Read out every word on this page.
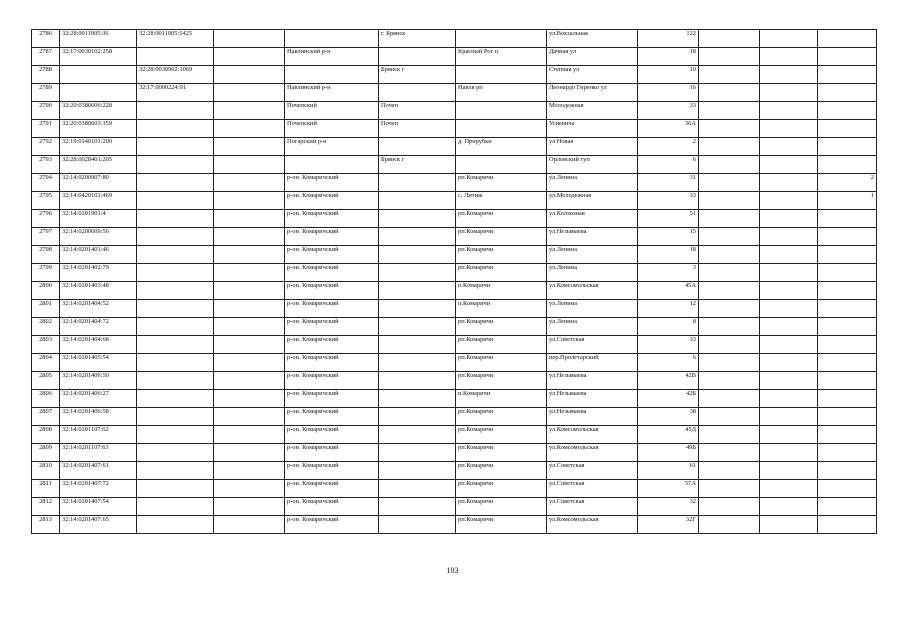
2786	32:28:0011005:36	32:28:0011005:1425			г. Брянск		ул.Вокзальная	122			
2787	32:17:0030102:258			Навлинский р-н		Красный Рог п	Дачная ул	18			
2788		32:28:0030902:1069			Брянск г		Степная ул	10			
2789		32:17:0000224:91		Навлинский р-н		Навля рп	Леонардо Гиренко ул	16			
2790	32:20:0380606:228			Почепский	Почеп		Молодежная	33			
2791	32:20:0380603:159			Почепский	Почеп		Усиевича	36А			
2792	32:19:0140101:200			Погарский р-н		д. Прирубки	ул Новая	2			
2793	32:28:0028401:205				Брянск г		Орловский туп	6			
2794	32:14:0200907:80			р-он. Комаричский		рп.Комаричи	ул.Ленина	31			2
2795	32:14:0420101:469			р-он. Комаричский		с. Литиж	ул.Молодежная	33			1
2796	32:14:0201901:4			р-он. Комаричский		рп.Комаричи	ул.Колхозная	51			
2797	32:14:0200609:56			р-он. Комаричский		рп.Комаричи	ул.Незымаева	15			
2798	32:14:0201401:46			р-он. Комаричский		рп.Комаричи	ул.Ленина	18			
2799	32:14:0201402:79			р-он. Комаричский		рп.Комаричи	ул.Ленина	3			
2800	32:14:0201403:48			р-он. Комаричский		п.Комаричи	ул.Комсомольская	45А			
2801	32:14:0201404:52			р-он. Комаричский		п.Комаричи	ул.Ленина	12			
2802	32:14:0201404:72			р-он. Комаричский		рп.Комаричи	ул.Ленина	8			
2803	32:14:0201404:68			р-он. Комаричский		рп.Комаричи	ул.Советская	33			
2804	32:14:0201405:54			р-он. Комаричский		рп.Комаричи	пер.Пролетарский	6			
2805	32:14:0201406:50			р-он. Комаричский		рп.Комаричи	ул.Незымаева	42В			
2806	32:14:0201406:27			р-он. Комаричский		п.Комаричи	ул.Незымаева	42Б			
2807	32:14:0201406:58			р-он. Комаричский		рп.Комаричи	ул.Незымаева	38			
2808	32:14:0201107:62			р-он. Комаричский		рп.Комаричи	ул.Комсомольская	45Д			
2809	32:14:0201107:63			р-он. Комаричский		рп.Комаричи	ул.Комсомольская	49Б			
2810	32:14:0201407:61			р-он. Комаричский		рп.Комаричи	ул.Советская	61			
2811	32:14:0201407:72			р-он. Комаричский		рп.Комаричи	ул.Советская	57А			
2812	32:14:0201407:54			р-он. Комаричский		рп.Комаричи	ул.Советская	32			
2813	32:14:0201407:65			р-он. Комаричский		рп.Комаричи	ул.Комсомольская	32Г			
103
